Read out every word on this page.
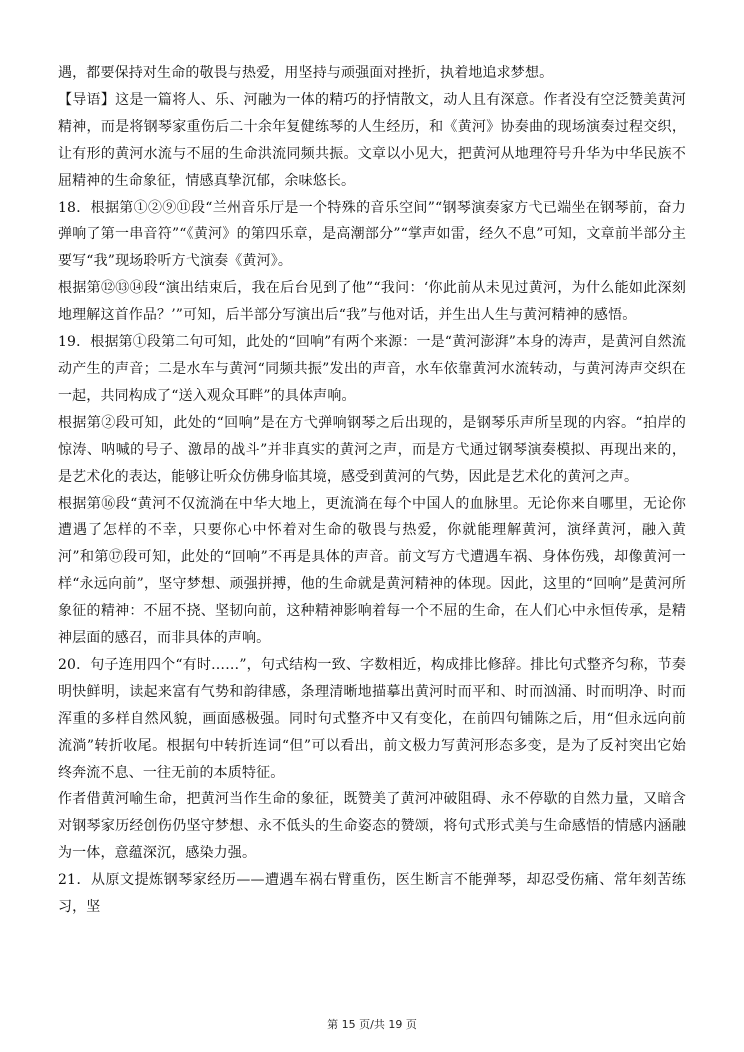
遇，都要保持对生命的敬畏与热爱，用坚持与顽强面对挫折，执着地追求梦想。

【导语】这是一篇将人、乐、河融为一体的精巧的抒情散文，动人且有深意。作者没有空泛赞美黄河精神，而是将钢琴家重伤后二十余年复健练琴的人生经历，和《黄河》协奏曲的现场演奏过程交织，让有形的黄河水流与不屈的生命洪流同频共振。文章以小见大，把黄河从地理符号升华为中华民族不屈精神的生命象征，情感真挚沉郁，余味悠长。

18．根据第①②⑨⑪段“兰州音乐厅是一个特殊的音乐空间”“钢琴演奏家方弋已端坐在钢琴前，奋力弹响了第一串音符”“《黄河》的第四乐章，是高潮部分”“掌声如雷，经久不息”可知，文章前半部分主要写“我”现场聆听方弋演奏《黄河》。

根据第⑫⑬⑭段“演出结束后，我在后台见到了他”“我问：‘你此前从未见过黄河，为什么能如此深刻地理解这首作品？’”可知，后半部分写演出后“我”与他对话，并生出人生与黄河精神的感悟。

19．根据第①段第二句可知，此处的“回响”有两个来源：一是“黄河澎湃”本身的涛声，是黄河自然流动产生的声音；二是水车与黄河“同频共振”发出的声音，水车依靠黄河水流转动，与黄河涛声交织在一起，共同构成了“送入观众耳畔”的具体声响。

根据第②段可知，此处的“回响”是在方弋弹响钢琴之后出现的，是钢琴乐声所呈现的内容。“拍岸的惊涛、呐喊的号子、激昂的战斗”并非真实的黄河之声，而是方弋通过钢琴演奏模拟、再现出来的，是艺术化的表达，能够让听众仿佛身临其境，感受到黄河的气势，因此是艺术化的黄河之声。

根据第⑯段“黄河不仅流淌在中华大地上，更流淌在每个中国人的血脉里。无论你来自哪里，无论你遭遇了怎样的不幸，只要你心中怀着对生命的敬畏与热爱，你就能理解黄河，演绎黄河，融入黄河”和第⑰段可知，此处的“回响”不再是具体的声音。前文写方弋遭遇车祸、身体伤残，却像黄河一样“永远向前”，坚守梦想、顽强拼搏，他的生命就是黄河精神的体现。因此，这里的“回响”是黄河所象征的精神：不屈不挠、坚韧向前，这种精神影响着每一个不屈的生命，在人们心中永恒传承，是精神层面的感召，而非具体的声响。

20．句子连用四个“有时……”，句式结构一致、字数相近，构成排比修辞。排比句式整齐匀称，节奏明快鲜明，读起来富有气势和韵律感，条理清晰地描摹出黄河时而平和、时而汹涌、时而明净、时而浑重的多样自然风貌，画面感极强。同时句式整齐中又有变化，在前四句铺陈之后，用“但永远向前流淌”转折收尾。根据句中转折连词“但”可以看出，前文极力写黄河形态多变，是为了反衬突出它始终奔流不息、一往无前的本质特征。

作者借黄河喻生命，把黄河当作生命的象征，既赞美了黄河冲破阻碍、永不停歇的自然力量，又暗含对钢琴家历经创伤仍坚守梦想、永不低头的生命姿态的赞颂，将句式形式美与生命感悟的情感内涵融为一体，意蕴深沉，感染力强。

21．从原文提炼钢琴家经历——遭遇车祸右臂重伤，医生断言不能弹琴，却忍受伤痛、常年刻苦练习，坚

第 15 页/共 19 页
